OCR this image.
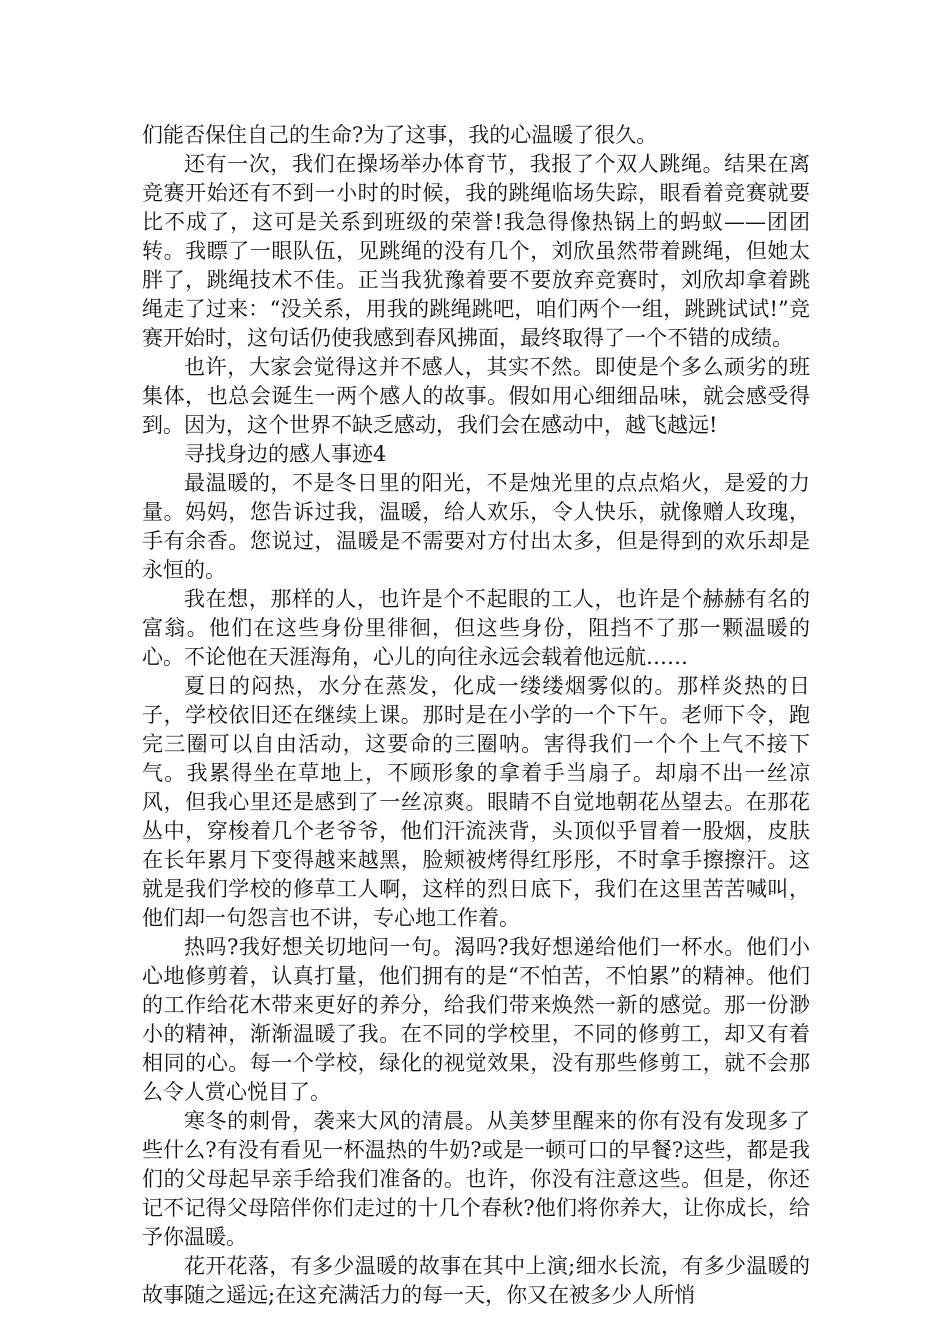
们能否保住自己的生命?为了这事，我的心温暖了很久。

还有一次，我们在操场举办体育节，我报了个双人跳绳。结果在离竞赛开始还有不到一小时的时候，我的跳绳临场失踪，眼看着竞赛就要比不成了，这可是关系到班级的荣誉!我急得像热锅上的蚂蚁——团团转。我瞟了一眼队伍，见跳绳的没有几个，刘欣虽然带着跳绳，但她太胖了，跳绳技术不佳。正当我犹豫着要不要放弃竞赛时，刘欣却拿着跳绳走了过来：“没关系，用我的跳绳跳吧，咱们两个一组，跳跳试试!”竞赛开始时，这句话仍使我感到春风拂面，最终取得了一个不错的成绩。

也许，大家会觉得这并不感人，其实不然。即使是个多么顽劣的班集体，也总会诞生一两个感人的故事。假如用心细细品味，就会感受得到。因为，这个世界不缺乏感动，我们会在感动中，越飞越远!

寻找身边的感人事迹4

最温暖的，不是冬日里的阳光，不是烛光里的点点焰火，是爱的力量。妈妈，您告诉过我，温暖，给人欢乐，令人快乐，就像赠人玫瑰，手有余香。您说过，温暖是不需要对方付出太多，但是得到的欢乐却是永恒的。

我在想，那样的人，也许是个不起眼的工人，也许是个赫赫有名的富翁。他们在这些身份里徘徊，但这些身份，阻挡不了那一颗温暖的心。不论他在天涯海角，心儿的向往永远会载着他远航……

夏日的闷热，水分在蒸发，化成一缕缕烟雾似的。那样炎热的日子，学校依旧还在继续上课。那时是在小学的一个下午。老师下令，跑完三圈可以自由活动，这要命的三圈呐。害得我们一个个上气不接下气。我累得坐在草地上，不顾形象的拿着手当扇子。却扇不出一丝凉风，但我心里还是感到了一丝凉爽。眼睛不自觉地朝花丛望去。在那花丛中，穿梭着几个老爷爷，他们汗流浃背，头顶似乎冒着一股烟，皮肤在长年累月下变得越来越黑，脸颊被烤得红彤彤，不时拿手擦擦汗。这就是我们学校的修草工人啊，这样的烈日底下，我们在这里苦苦喊叫，他们却一句怨言也不讲，专心地工作着。

热吗?我好想关切地问一句。渴吗?我好想递给他们一杯水。他们小心地修剪着，认真打量，他们拥有的是“不怕苦，不怕累”的精神。他们的工作给花木带来更好的养分，给我们带来焕然一新的感觉。那一份渺小的精神，渐渐温暖了我。在不同的学校里，不同的修剪工，却又有着相同的心。每一个学校，绿化的视觉效果，没有那些修剪工，就不会那么令人赏心悦目了。

寒冬的刺骨，袭来大风的清晨。从美梦里醒来的你有没有发现多了些什么?有没有看见一杯温热的牛奶?或是一顿可口的早餐?这些，都是我们的父母起早亲手给我们准备的。也许，你没有注意这些。但是，你还记不记得父母陪伴你们走过的十几个春秋?他们将你养大，让你成长，给予你温暖。

花开花落，有多少温暖的故事在其中上演;细水长流，有多少温暖的故事随之遥远;在这充满活力的每一天，你又在被多少人所悄
